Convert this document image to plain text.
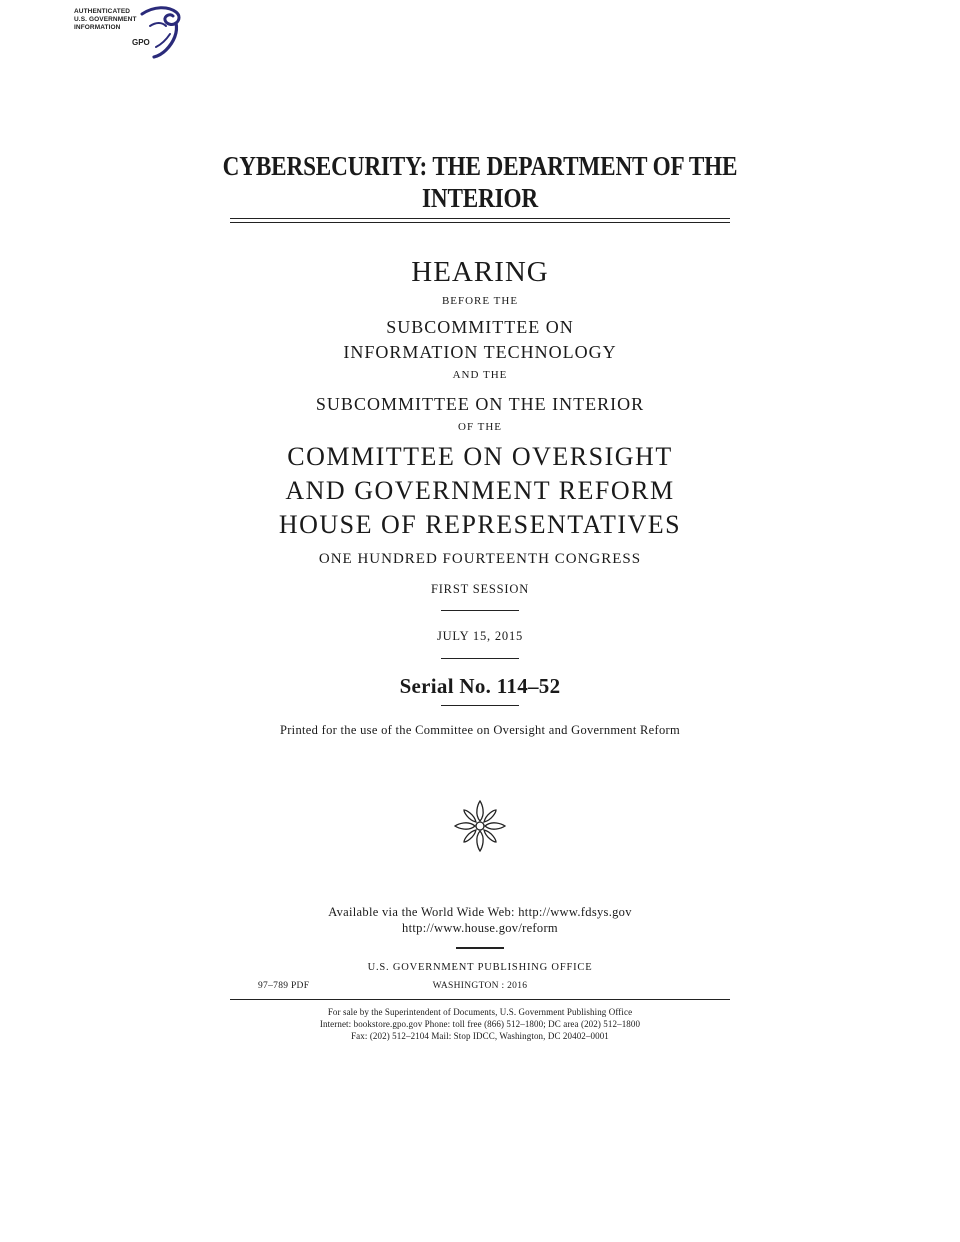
AUTHENTICATED
U.S. GOVERNMENT
INFORMATION
GPO
CYBERSECURITY: THE DEPARTMENT OF THE
INTERIOR
HEARING
BEFORE THE
SUBCOMMITTEE ON
INFORMATION TECHNOLOGY
AND THE
SUBCOMMITTEE ON THE INTERIOR
OF THE
COMMITTEE ON OVERSIGHT
AND GOVERNMENT REFORM
HOUSE OF REPRESENTATIVES
ONE HUNDRED FOURTEENTH CONGRESS
FIRST SESSION
JULY 15, 2015
Serial No. 114–52
Printed for the use of the Committee on Oversight and Government Reform
Available via the World Wide Web: http://www.fdsys.gov
http://www.house.gov/reform
U.S. GOVERNMENT PUBLISHING OFFICE
97–789 PDF	WASHINGTON : 2016
For sale by the Superintendent of Documents, U.S. Government Publishing Office
Internet: bookstore.gpo.gov Phone: toll free (866) 512–1800; DC area (202) 512–1800
Fax: (202) 512–2104 Mail: Stop IDCC, Washington, DC 20402–0001
